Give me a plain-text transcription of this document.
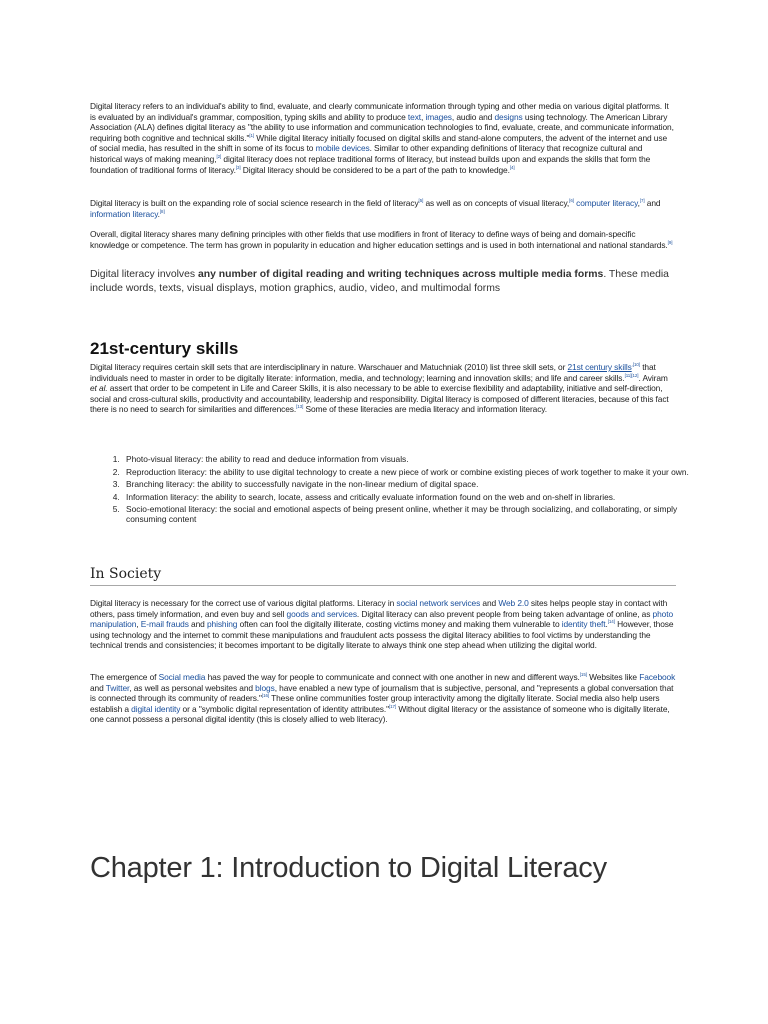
Digital literacy refers to an individual's ability to find, evaluate, and clearly communicate information through typing and other media on various digital platforms. It is evaluated by an individual's grammar, composition, typing skills and ability to produce text, images, audio and designs using technology. The American Library Association (ALA) defines digital literacy as "the ability to use information and communication technologies to find, evaluate, create, and communicate information, requiring both cognitive and technical skills."[1] While digital literacy initially focused on digital skills and stand-alone computers, the advent of the internet and use of social media, has resulted in the shift in some of its focus to mobile devices. Similar to other expanding definitions of literacy that recognize cultural and historical ways of making meaning,[2] digital literacy does not replace traditional forms of literacy, but instead builds upon and expands the skills that form the foundation of traditional forms of literacy.[3] Digital literacy should be considered to be a part of the path to knowledge.[4]

Digital literacy is built on the expanding role of social science research in the field of literacy[5] as well as on concepts of visual literacy,[6] computer literacy,[7] and information literacy.[8]

Overall, digital literacy shares many defining principles with other fields that use modifiers in front of literacy to define ways of being and domain-specific knowledge or competence. The term has grown in popularity in education and higher education settings and is used in both international and national standards.[9]

Digital literacy involves any number of digital reading and writing techniques across multiple media forms. These media include words, texts, visual displays, motion graphics, audio, video, and multimodal forms

21st-century skills

Digital literacy requires certain skill sets that are interdisciplinary in nature. Warschauer and Matuchniak (2010) list three skill sets, or 21st century skills$^{,[10]}$ that individuals need to master in order to be digitally literate: information, media, and technology; learning and innovation skills; and life and career skills.[11][12]. Aviram et al. assert that order to be competent in Life and Career Skills, it is also necessary to be able to exercise flexibility and adaptability, initiative and self-direction, social and cross-cultural skills, productivity and accountability, leadership and responsibility. Digital literacy is composed of different literacies, because of this fact there is no need to search for similarities and differences.[13] Some of these literacies are media literacy and information literacy.

1. Photo-visual literacy: the ability to read and deduce information from visuals.
2. Reproduction literacy: the ability to use digital technology to create a new piece of work or combine existing pieces of work together to make it your own.
3. Branching literacy: the ability to successfully navigate in the non-linear medium of digital space.
4. Information literacy: the ability to search, locate, assess and critically evaluate information found on the web and on-shelf in libraries.
5. Socio-emotional literacy: the social and emotional aspects of being present online, whether it may be through socializing, and collaborating, or simply consuming content
In Society

Digital literacy is necessary for the correct use of various digital platforms. Literacy in social network services and Web 2.0 sites helps people stay in contact with others, pass timely information, and even buy and sell goods and services. Digital literacy can also prevent people from being taken advantage of online, as photo manipulation, E-mail frauds and phishing often can fool the digitally illiterate, costing victims money and making them vulnerable to identity theft.[14] However, those using technology and the internet to commit these manipulations and fraudulent acts possess the digital literacy abilities to fool victims by understanding the technical trends and consistencies; it becomes important to be digitally literate to always think one step ahead when utilizing the digital world.

The emergence of Social media has paved the way for people to communicate and connect with one another in new and different ways.[15] Websites like Facebook and Twitter, as well as personal websites and blogs, have enabled a new type of journalism that is subjective, personal, and "represents a global conversation that is connected through its community of readers."[16] These online communities foster group interactivity among the digitally literate. Social media also help users establish a digital identity or a "symbolic digital representation of identity attributes."[17] Without digital literacy or the assistance of someone who is digitally literate, one cannot possess a personal digital identity (this is closely allied to web literacy).

Chapter 1: Introduction to Digital Literacy
